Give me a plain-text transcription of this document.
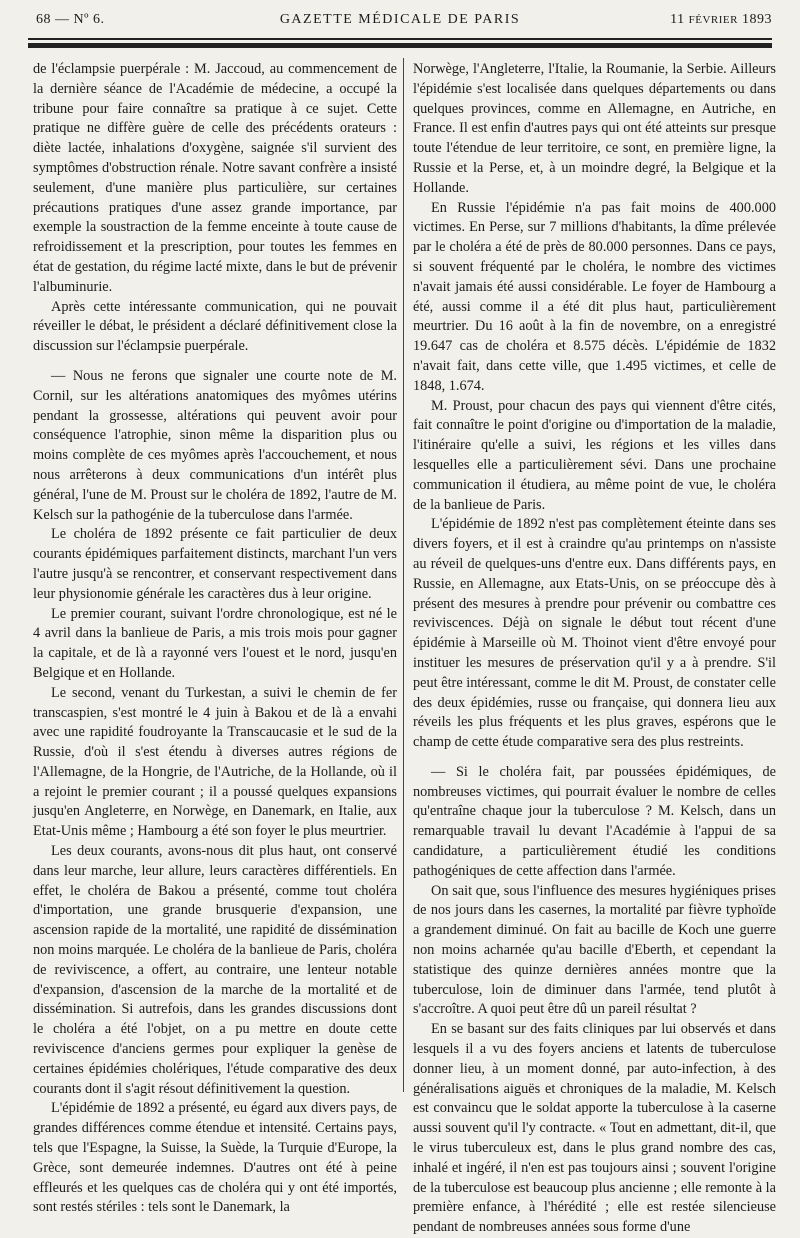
68 — Nº 6.	GAZETTE MÉDICALE DE PARIS	11 FÉVRIER 1893

de l'éclampsie puerpérale : M. Jaccoud, au commencement de la dernière séance de l'Académie de médecine, a occupé la tribune pour faire connaître sa pratique à ce sujet. Cette pratique ne diffère guère de celle des précédents orateurs : diète lactée, inhalations d'oxygène, saignée s'il survient des symptômes d'obstruction rénale. Notre savant confrère a insisté seulement, d'une manière plus particulière, sur certaines précautions pratiques d'une assez grande importance, par exemple la soustraction de la femme enceinte à toute cause de refroidissement et la prescription, pour toutes les femmes en état de gestation, du régime lacté mixte, dans le but de prévenir l'albuminurie.

Après cette intéressante communication, qui ne pouvait réveiller le débat, le président a déclaré définitivement close la discussion sur l'éclampsie puerpérale.

— Nous ne ferons que signaler une courte note de M. Cornil, sur les altérations anatomiques des myômes utérins pendant la grossesse, altérations qui peuvent avoir pour conséquence l'atrophie, sinon même la disparition plus ou moins complète de ces myômes après l'accouchement, et nous nous arrêterons à deux communications d'un intérêt plus général, l'une de M. Proust sur le choléra de 1892, l'autre de M. Kelsch sur la pathogénie de la tuberculose dans l'armée.

Le choléra de 1892 présente ce fait particulier de deux courants épidémiques parfaitement distincts, marchant l'un vers l'autre jusqu'à se rencontrer, et conservant respectivement dans leur physionomie générale les caractères dus à leur origine.

Le premier courant, suivant l'ordre chronologique, est né le 4 avril dans la banlieue de Paris, a mis trois mois pour gagner la capitale, et de là a rayonné vers l'ouest et le nord, jusqu'en Belgique et en Hollande.

Le second, venant du Turkestan, a suivi le chemin de fer transcaspien, s'est montré le 4 juin à Bakou et de là a envahi avec une rapidité foudroyante la Transcaucasie et le sud de la Russie, d'où il s'est étendu à diverses autres régions de l'Allemagne, de la Hongrie, de l'Autriche, de la Hollande, où il a rejoint le premier courant ; il a poussé quelques expansions jusqu'en Angleterre, en Norwège, en Danemark, en Italie, aux Etat-Unis même ; Hambourg a été son foyer le plus meurtrier.

Les deux courants, avons-nous dit plus haut, ont conservé dans leur marche, leur allure, leurs caractères différentiels. En effet, le choléra de Bakou a présenté, comme tout choléra d'importation, une grande brusquerie d'expansion, une ascension rapide de la mortalité, une rapidité de dissémination non moins marquée. Le choléra de la banlieue de Paris, choléra de reviviscence, a offert, au contraire, une lenteur notable d'expansion, d'ascension de la marche de la mortalité et de dissémination. Si autrefois, dans les grandes discussions dont le choléra a été l'objet, on a pu mettre en doute cette reviviscence d'anciens germes pour expliquer la genèse de certaines épidémies cholériques, l'étude comparative des deux courants dont il s'agit résout définitivement la question.

L'épidémie de 1892 a présenté, eu égard aux divers pays, de grandes différences comme étendue et intensité. Certains pays, tels que l'Espagne, la Suisse, la Suède, la Turquie d'Europe, la Grèce, sont demeurée indemnes. D'autres ont été à peine effleurés et les quelques cas de choléra qui y ont été importés, sont restés stériles : tels sont le Danemark, la

Norwège, l'Angleterre, l'Italie, la Roumanie, la Serbie. Ailleurs l'épidémie s'est localisée dans quelques départements ou dans quelques provinces, comme en Allemagne, en Autriche, en France. Il est enfin d'autres pays qui ont été atteints sur presque toute l'étendue de leur territoire, ce sont, en première ligne, la Russie et la Perse, et, à un moindre degré, la Belgique et la Hollande.

En Russie l'épidémie n'a pas fait moins de 400.000 victimes. En Perse, sur 7 millions d'habitants, la dîme prélevée par le choléra a été de près de 80.000 personnes. Dans ce pays, si souvent fréquenté par le choléra, le nombre des victimes n'avait jamais été aussi considérable. Le foyer de Hambourg a été, aussi comme il a été dit plus haut, particulièrement meurtrier. Du 16 août à la fin de novembre, on a enregistré 19.647 cas de choléra et 8.575 décès. L'épidémie de 1832 n'avait fait, dans cette ville, que 1.495 victimes, et celle de 1848, 1.674.

M. Proust, pour chacun des pays qui viennent d'être cités, fait connaître le point d'origine ou d'importation de la maladie, l'itinéraire qu'elle a suivi, les régions et les villes dans lesquelles elle a particulièrement sévi. Dans une prochaine communication il étudiera, au même point de vue, le choléra de la banlieue de Paris.

L'épidémie de 1892 n'est pas complètement éteinte dans ses divers foyers, et il est à craindre qu'au printemps on n'assiste au réveil de quelques-uns d'entre eux. Dans différents pays, en Russie, en Allemagne, aux Etats-Unis, on se préoccupe dès à présent des mesures à prendre pour prévenir ou combattre ces reviviscences. Déjà on signale le début tout récent d'une épidémie à Marseille où M. Thoinot vient d'être envoyé pour instituer les mesures de préservation qu'il y a à prendre. S'il peut être intéressant, comme le dit M. Proust, de constater celle des deux épidémies, russe ou française, qui donnera lieu aux réveils les plus fréquents et les plus graves, espérons que le champ de cette étude comparative sera des plus restreints.

— Si le choléra fait, par poussées épidémiques, de nombreuses victimes, qui pourrait évaluer le nombre de celles qu'entraîne chaque jour la tuberculose ? M. Kelsch, dans un remarquable travail lu devant l'Académie à l'appui de sa candidature, a particulièrement étudié les conditions pathogéniques de cette affection dans l'armée.

On sait que, sous l'influence des mesures hygiéniques prises de nos jours dans les casernes, la mortalité par fièvre typhoïde a grandement diminué. On fait au bacille de Koch une guerre non moins acharnée qu'au bacille d'Eberth, et cependant la statistique des quinze dernières années montre que la tuberculose, loin de diminuer dans l'armée, tend plutôt à s'accroître. A quoi peut être dû un pareil résultat ?

En se basant sur des faits cliniques par lui observés et dans lesquels il a vu des foyers anciens et latents de tuberculose donner lieu, à un moment donné, par auto-infection, à des généralisations aiguës et chroniques de la maladie, M. Kelsch est convaincu que le soldat apporte la tuberculose à la caserne aussi souvent qu'il l'y contracte. « Tout en admettant, dit-il, que le virus tuberculeux est, dans le plus grand nombre des cas, inhalé et ingéré, il n'en est pas toujours ainsi ; souvent l'origine de la tuberculose est beaucoup plus ancienne ; elle remonte à la première enfance, à l'hérédité ; elle est restée silencieuse pendant de nombreuses années sous forme d'une
